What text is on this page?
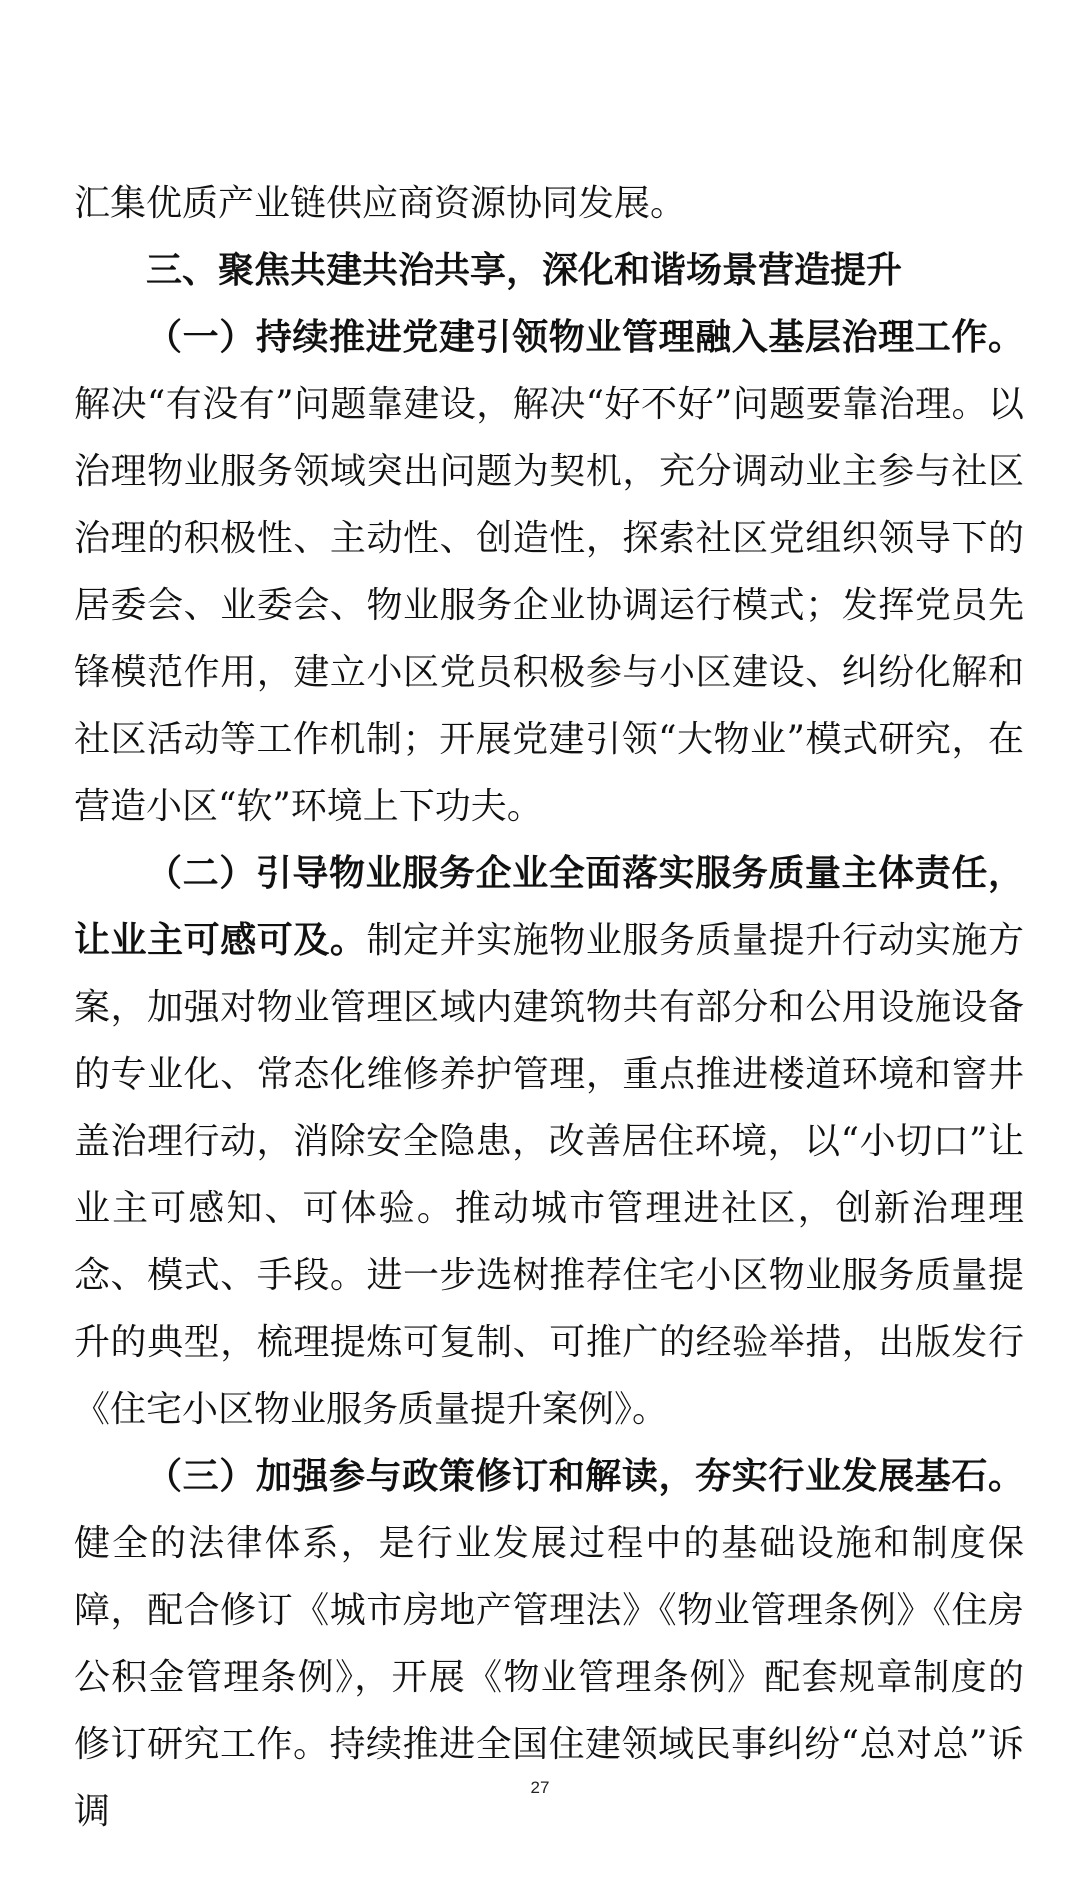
汇集优质产业链供应商资源协同发展。

三、聚焦共建共治共享，深化和谐场景营造提升

（一）持续推进党建引领物业管理融入基层治理工作。解决“有没有”问题靠建设，解决“好不好”问题要靠治理。以治理物业服务领域突出问题为契机，充分调动业主参与社区治理的积极性、主动性、创造性，探索社区党组织领导下的居委会、业委会、物业服务企业协调运行模式；发挥党员先锋模范作用，建立小区党员积极参与小区建设、纠纷化解和社区活动等工作机制；开展党建引领“大物业”模式研究，在营造小区“软”环境上下功夫。

（二）引导物业服务企业全面落实服务质量主体责任，让业主可感可及。制定并实施物业服务质量提升行动实施方案，加强对物业管理区域内建筑物共有部分和公用设施设备的专业化、常态化维修养护管理，重点推进楼道环境和窨井盖治理行动，消除安全隐患，改善居住环境，以“小切口”让业主可感知、可体验。推动城市管理进社区，创新治理理念、模式、手段。进一步选树推荐住宅小区物业服务质量提升的典型，梳理提炼可复制、可推广的经验举措，出版发行《住宅小区物业服务质量提升案例》。

（三）加强参与政策修订和解读，夯实行业发展基石。健全的法律体系，是行业发展过程中的基础设施和制度保障，配合修订《城市房地产管理法》《物业管理条例》《住房公积金管理条例》，开展《物业管理条例》配套规章制度的修订研究工作。持续推进全国住建领域民事纠纷“总对总”诉调

27
